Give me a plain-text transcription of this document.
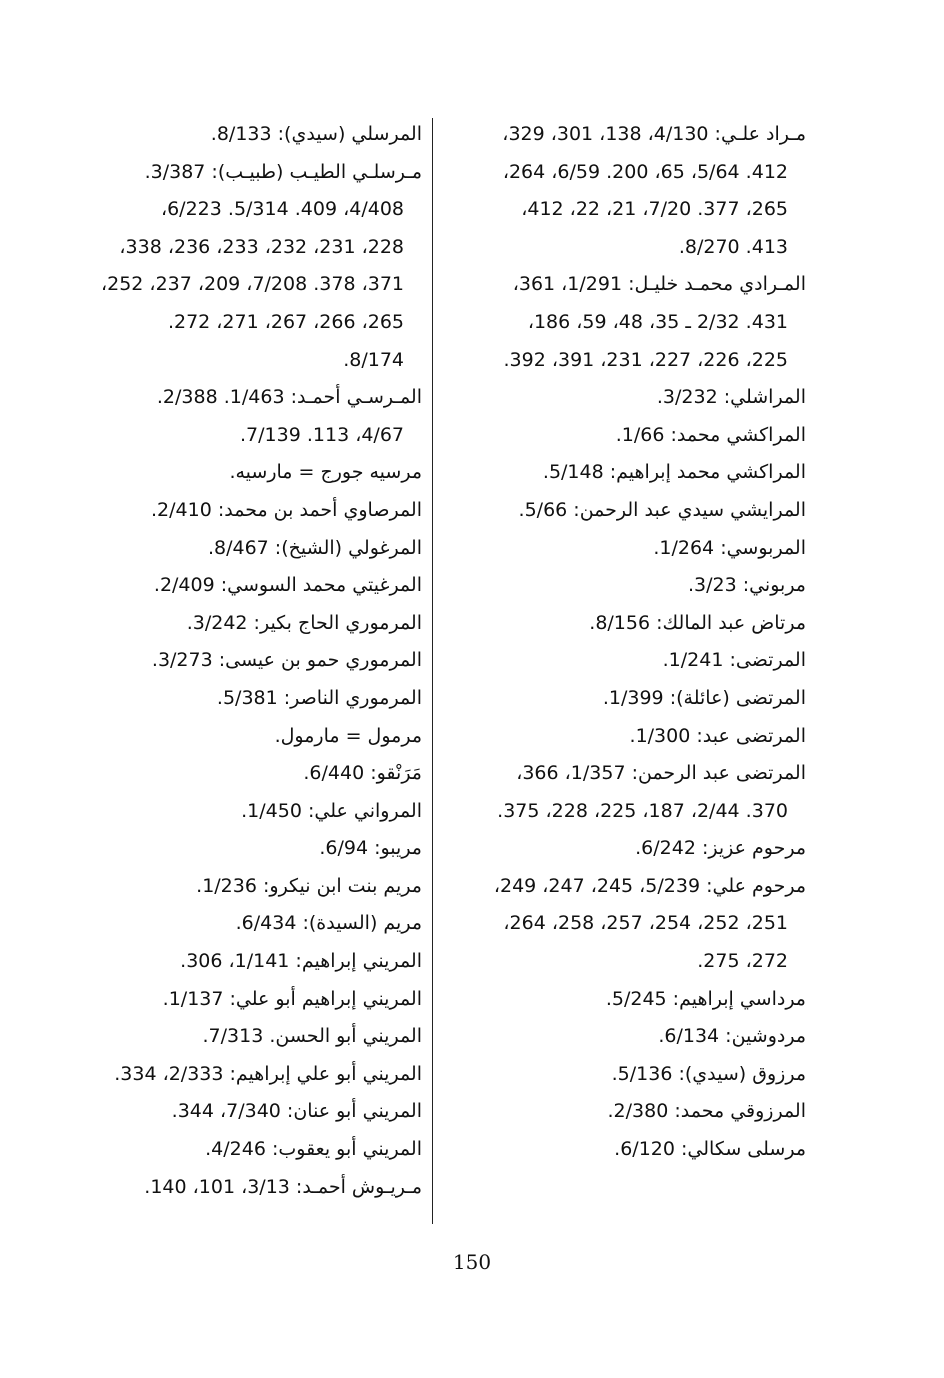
مـراد علـي: 4/130، 138، 301، 329،
412. 5/64، 65، 200. 6/59، 264،
265، 377. 7/20، 21، 22، 412،
413. 8/270.
المـرادي محمـد خليـل: 1/291، 361،
431. 2/32 ـ 35، 48، 59، 186،
225، 226، 227، 231، 391، 392.
المراشلي: 3/232.
المراكشي محمد: 1/66.
المراكشي محمد إبراهيم: 5/148.
المرايشي سيدي عبد الرحمن: 5/66.
المربوسي: 1/264.
مربوني: 3/23.
مرتاض عبد المالك: 8/156.
المرتضى: 1/241.
المرتضى (عائلة): 1/399.
المرتضى عبد: 1/300.
المرتضى عبد الرحمن: 1/357، 366،
370. 2/44، 187، 225، 228، 375.
مرحوم عزيز: 6/242.
مرحوم علي: 5/239، 245، 247، 249،
251، 252، 254، 257، 258، 264،
272، 275.
مرداسي إبراهيم: 5/245.
مردوشين: 6/134.
مرزوق (سيدي): 5/136.
المرزوقي محمد: 2/380.
مرسلى سكالي: 6/120.
المرسلي (سيدي): 8/133.
مـرسلـي الطيـب (طبيـب): 3/387.
4/408، 409. 5/314. 6/223،
228، 231، 232، 233، 236، 338،
371، 378. 7/208، 209، 237، 252،
265، 266، 267، 271، 272.
8/174.
المـرسـي أحمـد: 1/463. 2/388.
4/67، 113. 7/139.
مرسيه جورج = مارسيه.
المرصاوي أحمد بن محمد: 2/410.
المرغولي (الشيخ): 8/467.
المرغيتي محمد السوسي: 2/409.
المرموري الحاج بكير: 3/242.
المرموري حمو بن عيسى: 3/273.
المرموري الناصر: 5/381.
مرمول = مارمول.
مَرَنْقو: 6/440.
المرواني علي: 1/450.
مريبو: 6/94.
مريم بنت ابن نيكرو: 1/236.
مريم (السيدة): 6/434.
المريني إبراهيم: 1/141، 306.
المريني إبراهيم أبو علي: 1/137.
المريني أبو الحسن. 7/313.
المريني أبو علي إبراهيم: 2/333، 334.
المريني أبو عنان: 7/340، 344.
المريني أبو يعقوب: 4/246.
مـريـوش أحمـد: 3/13، 101، 140.
150
